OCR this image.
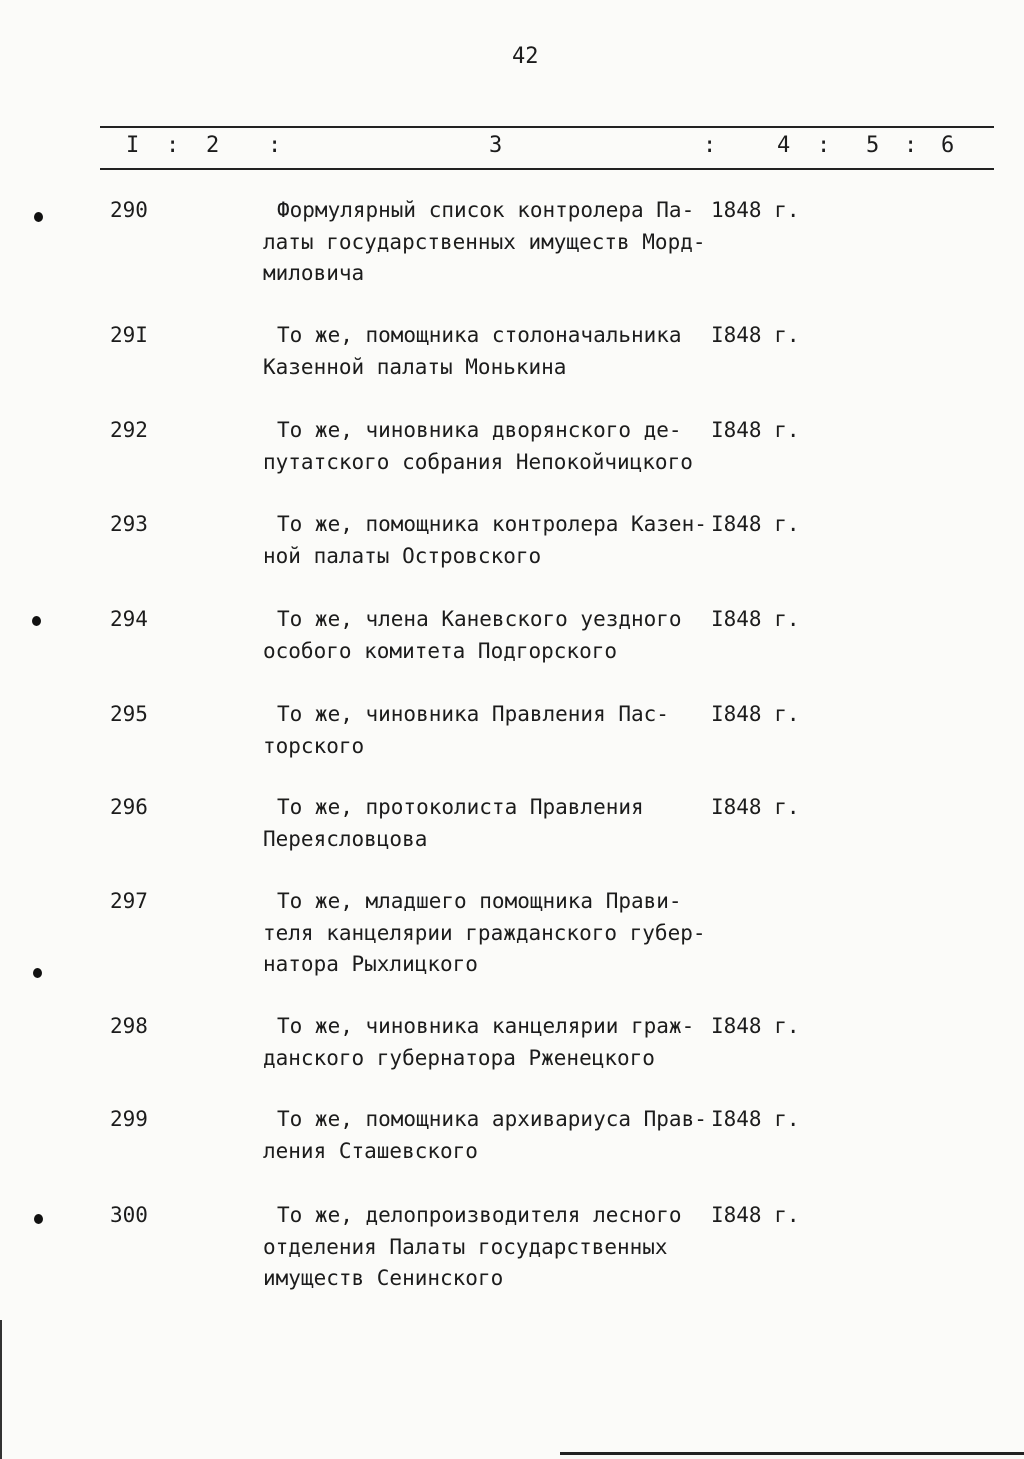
42
I : 2 :	3	:	4 : 5 : 6
290	Формулярный список контролера Па-
латы государственных имуществ Морд-
миловича
1848 г.
29I	То же, помощника столоначальника
Казенной палаты Монькина
I848 г.
292	То же, чиновника дворянского де-
путатского собрания Непокойчицкого
I848 г.
293	То же, помощника контролера Казен-
ной палаты Островского
I848 г.
294	То же, члена Каневского уездного
особого комитета Подгорского
I848 г.
295	То же, чиновника Правления Пас-
торского
I848 г.
296	То же, протоколиста Правления
Переясловцова
I848 г.
297	То же, младшего помощника Прави-
теля канцелярии гражданского губер-
натора Рыхлицкого
298	То же, чиновника канцелярии граж-
данского губернатора Рженецкого
I848 г.
299	То же, помощника архивариуса Прав-
ления Сташевского
I848 г.
300	То же, делопроизводителя лесного
отделения Палаты государственных
имуществ Сенинского
I848 г.
